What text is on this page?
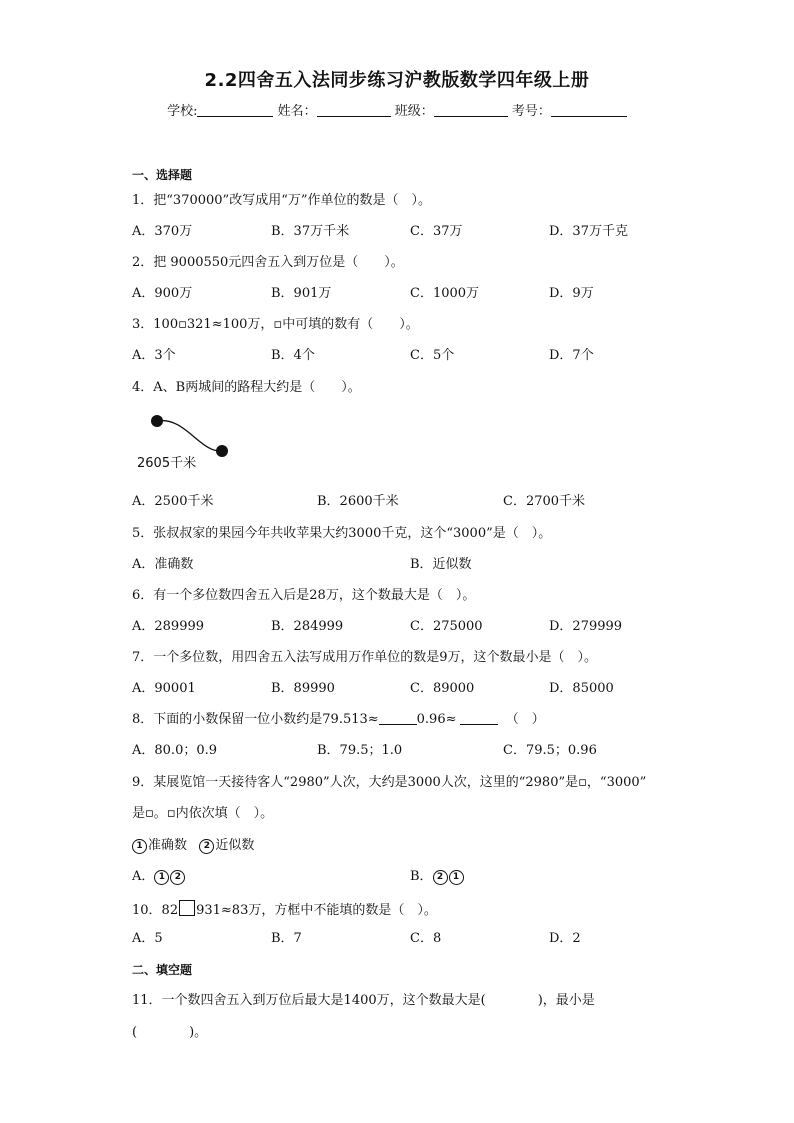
2.2四舍五入法同步练习沪教版数学四年级上册
学校:	姓名：	班级：	考号：
一、选择题
1．把“370000”改写成用“万”作单位的数是（　）。
A．370万	B．37万千米	C．37万	D．37万千克
2．把 9000550元四舍五入到万位是（　　）。
A．900万	B．901万	C．1000万	D．9万
3．100▫321≈100万，▫中可填的数有（　　）。
A．3个	B．4个	C．5个	D．7个
4．A、B两城间的路程大约是（　　）。
2605千米
A．2500千米	B．2600千米	C．2700千米
5．张叔叔家的果园今年共收苹果大约3000千克，这个“3000”是（　）。
A．准确数	B．近似数
6．有一个多位数四舍五入后是28万，这个数最大是（　）。
A．289999	B．284999	C．275000	D．279999
7．一个多位数，用四舍五入法写成用万作单位的数是9万，这个数最小是（　）。
A．90001	B．89990	C．89000	D．85000
8．下面的小数保留一位小数约是79.513≈	0.96≈	（　）
A．80.0；0.9	B．79.5；1.0	C．79.5；0.96
9．某展览馆一天接待客人“2980”人次，大约是3000人次，这里的“2980”是▫，“3000”
是▫。▫内依次填（　）。
1 准确数 2 近似数
A． 1 2	B． 2 1
10．82 931≈83万，方框中不能填的数是（　）。
A．5	B．7	C．8	D．2
二、填空题
11．一个数四舍五入到万位后最大是1400万，这个数最大是(　　　　)，最小是
(　　　　)。
